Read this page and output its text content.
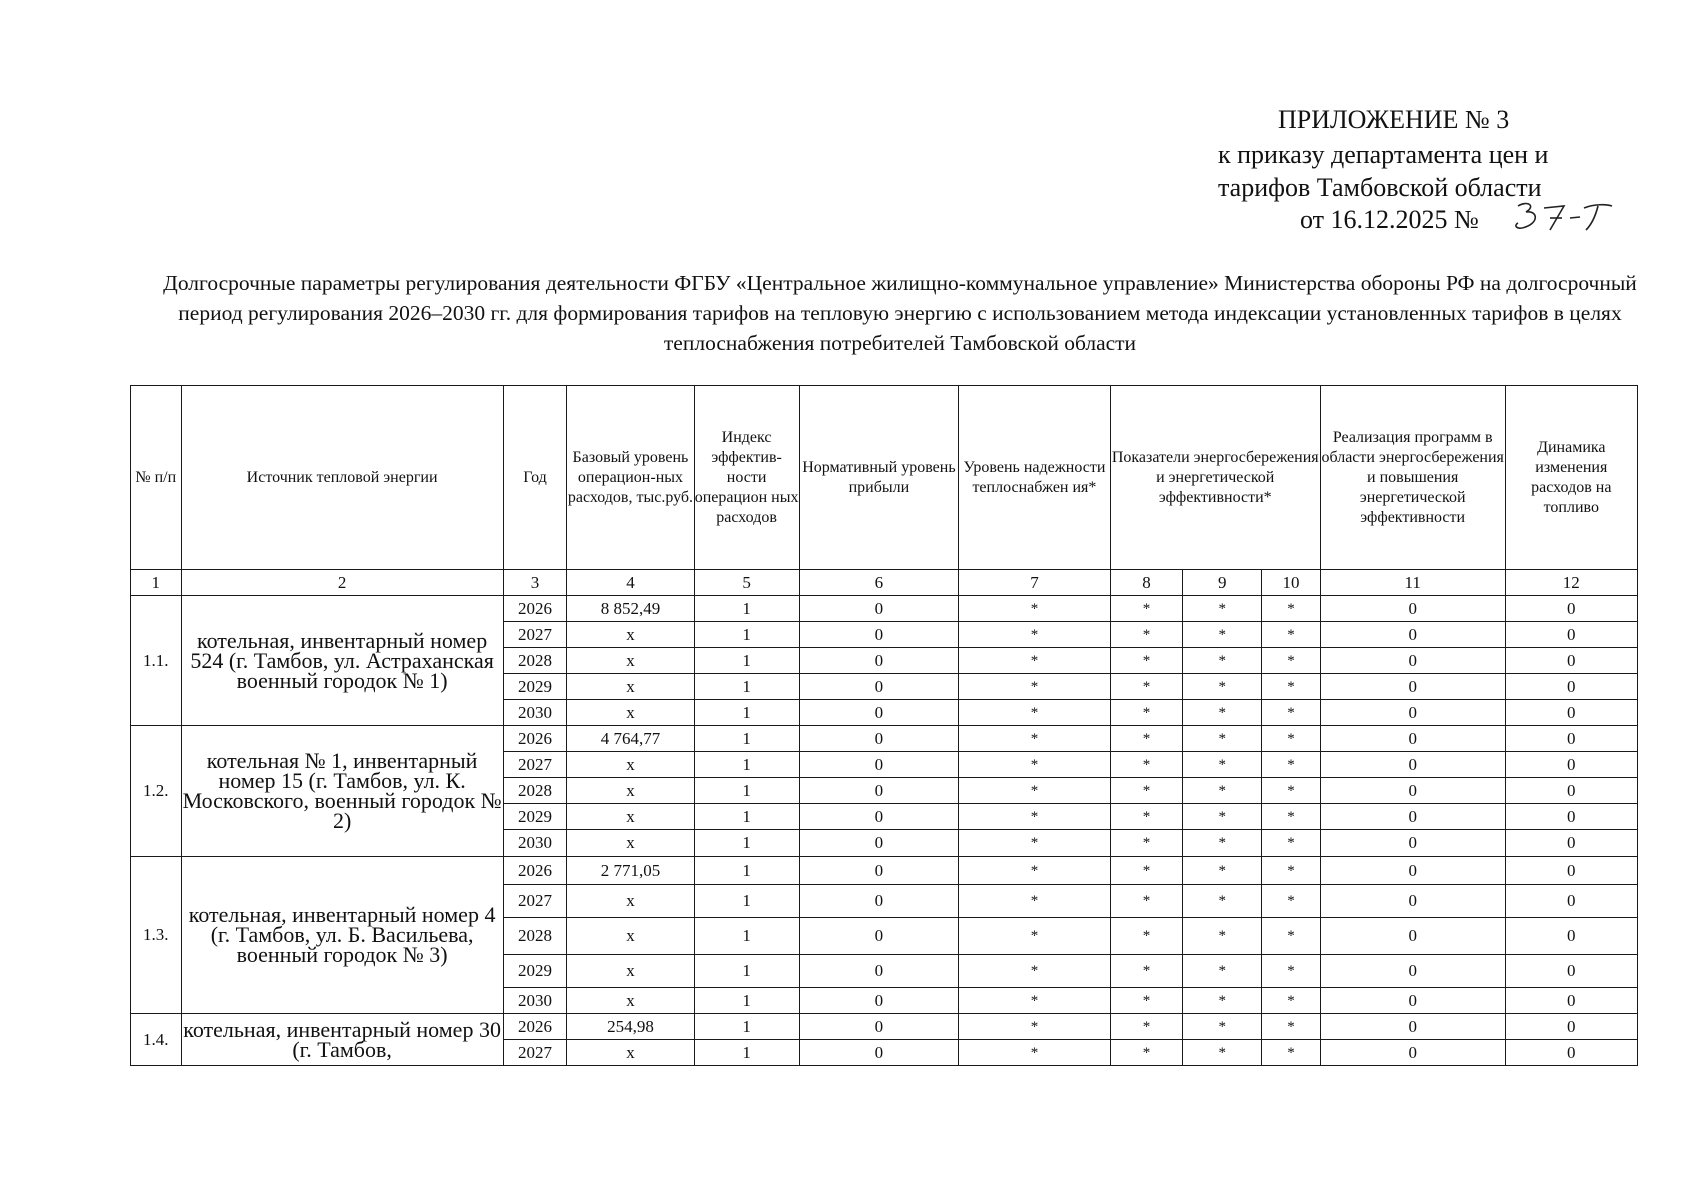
ПРИЛОЖЕНИЕ № 3
к приказу департамента цен и
тарифов Тамбовской области
от 16.12.2025 №
Долгосрочные параметры регулирования деятельности ФГБУ «Центральное жилищно-коммунальное управление» Министерства обороны РФ на долгосрочный период регулирования 2026–2030 гг. для формирования тарифов на тепловую энергию с использованием метода индексации установленных тарифов в целях теплоснабжения потребителей Тамбовской области
№ п/п	Источник тепловой энергии	Год	Базовый уровень операцион-ных расходов, тыс.руб.	Индекс эффектив-ности операцион ных расходов	Нормативный уровень прибыли	Уровень надежности теплоснабжен ия*	Показатели энергосбережения и энергетической эффективности*			Реализация программ в области энергосбережения и повышения энергетической эффективности	Динамика изменения расходов на топливо
1	2	3	4	5	6	7	8	9	10	11	12
1.1.	котельная, инвентарный номер 524 (г. Тамбов, ул. Астраханская военный городок № 1)	2026	8 852,49	1	0	*	*	*	*	0	0
		2027	х	1	0	*	*	*	*	0	0
		2028	х	1	0	*	*	*	*	0	0
		2029	х	1	0	*	*	*	*	0	0
		2030	х	1	0	*	*	*	*	0	0
1.2.	котельная № 1, инвентарный номер 15 (г. Тамбов, ул. К. Московского, военный городок № 2)	2026	4 764,77	1	0	*	*	*	*	0	0
		2027	х	1	0	*	*	*	*	0	0
		2028	х	1	0	*	*	*	*	0	0
		2029	х	1	0	*	*	*	*	0	0
		2030	х	1	0	*	*	*	*	0	0
1.3.	котельная, инвентарный номер 4 (г. Тамбов, ул. Б. Васильева, военный городок № 3)	2026	2 771,05	1	0	*	*	*	*	0	0
		2027	х	1	0	*	*	*	*	0	0
		2028	х	1	0	*	*	*	*	0	0
		2029	х	1	0	*	*	*	*	0	0
		2030	х	1	0	*	*	*	*	0	0
1.4.	котельная, инвентарный номер 30 (г. Тамбов,	2026	254,98	1	0	*	*	*	*	0	0
		2027	х	1	0	*	*	*	*	0	0
